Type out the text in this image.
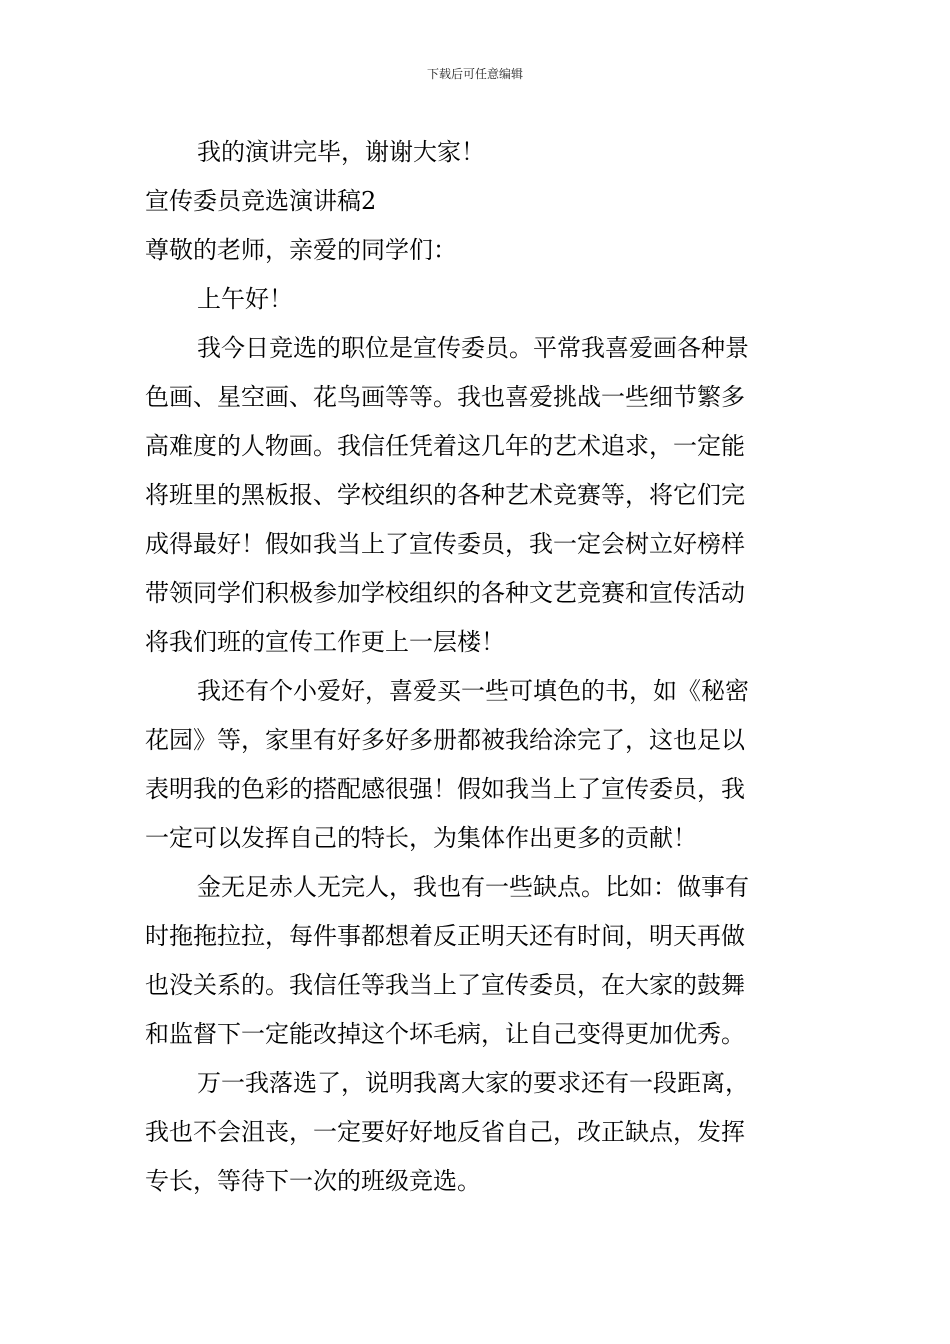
下载后可任意编辑
我的演讲完毕，谢谢大家！
宣传委员竞选演讲稿2
尊敬的老师，亲爱的同学们：
上午好！
我今日竞选的职位是宣传委员。平常我喜爱画各种景
色画、星空画、花鸟画等等。我也喜爱挑战一些细节繁多
高难度的人物画。我信任凭着这几年的艺术追求，一定能
将班里的黑板报、学校组织的各种艺术竞赛等，将它们完
成得最好！假如我当上了宣传委员，我一定会树立好榜样
带领同学们积极参加学校组织的各种文艺竞赛和宣传活动
将我们班的宣传工作更上一层楼！
我还有个小爱好，喜爱买一些可填色的书，如《秘密
花园》等，家里有好多好多册都被我给涂完了，这也足以
表明我的色彩的搭配感很强！假如我当上了宣传委员，我
一定可以发挥自己的特长，为集体作出更多的贡献！
金无足赤人无完人，我也有一些缺点。比如：做事有
时拖拖拉拉，每件事都想着反正明天还有时间，明天再做
也没关系的。我信任等我当上了宣传委员，在大家的鼓舞
和监督下一定能改掉这个坏毛病，让自己变得更加优秀。
万一我落选了，说明我离大家的要求还有一段距离，
我也不会沮丧，一定要好好地反省自己，改正缺点，发挥
专长，等待下一次的班级竞选。
